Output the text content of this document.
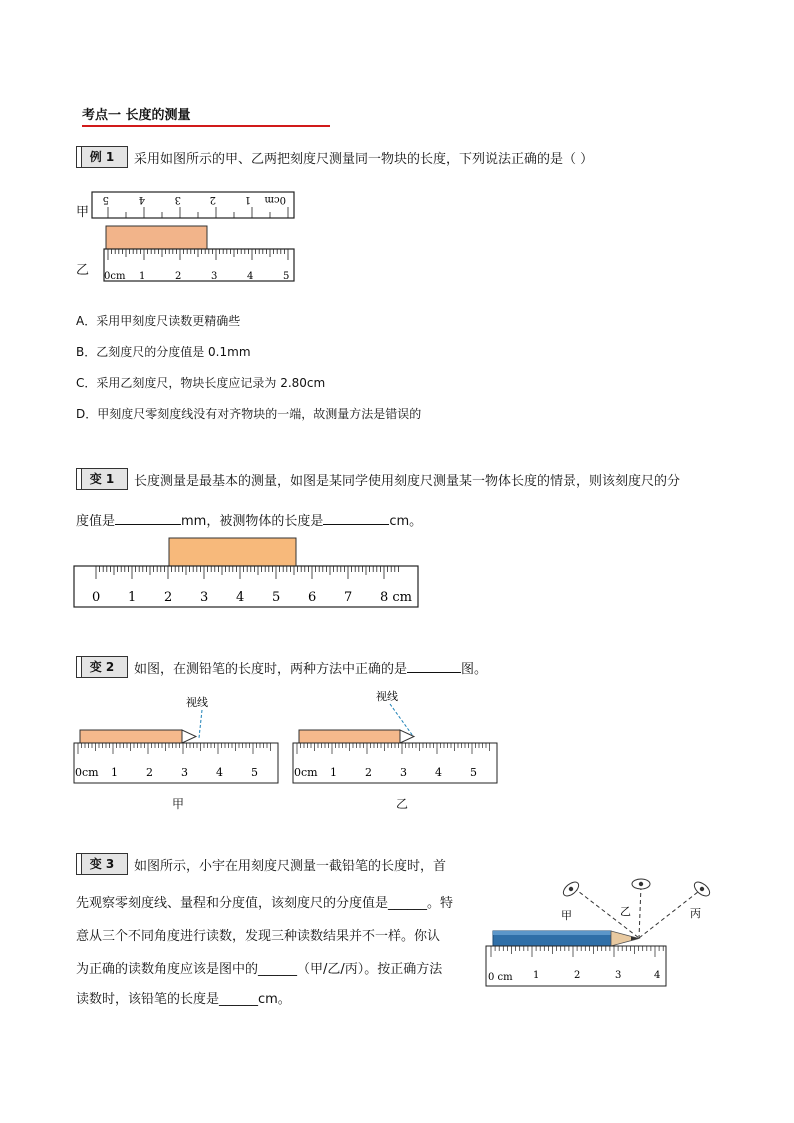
考点一 长度的测量
例 1	采用如图所示的甲、乙两把刻度尺测量同一物块的长度，下列说法正确的是（ ）
甲
乙
0cm
1
2
3
4
5
0cm 1	2	3	4	5
A．采用甲刻度尺读数更精确些
B．乙刻度尺的分度值是 0.1mm
C．采用乙刻度尺，物块长度应记录为 2.80cm
D．甲刻度尺零刻度线没有对齐物块的一端，故测量方法是错误的
变 1	长度测量是最基本的测量，如图是某同学使用刻度尺测量某一物体长度的情景，则该刻度尺的分
度值是	mm，被测物体的长度是	cm。
0 1 2 3 4 5 6 7 8 cm
变 2	如图，在测铅笔的长度时，两种方法中正确的是	图。
视线
0cm 1	2	3	4	5
视线
0cm 1	2	3	4	5
甲	乙
变 3	如图所示，小宇在用刻度尺测量一截铅笔的长度时，首
先观察零刻度线、量程和分度值，该刻度尺的分度值是______。特
意从三个不同角度进行读数，发现三种读数结果并不一样。你认
为正确的读数角度应该是图中的______（甲/乙/丙）。按正确方法
读数时，该铅笔的长度是______cm。
甲	乙	丙
0 cm 1	2	3	4
